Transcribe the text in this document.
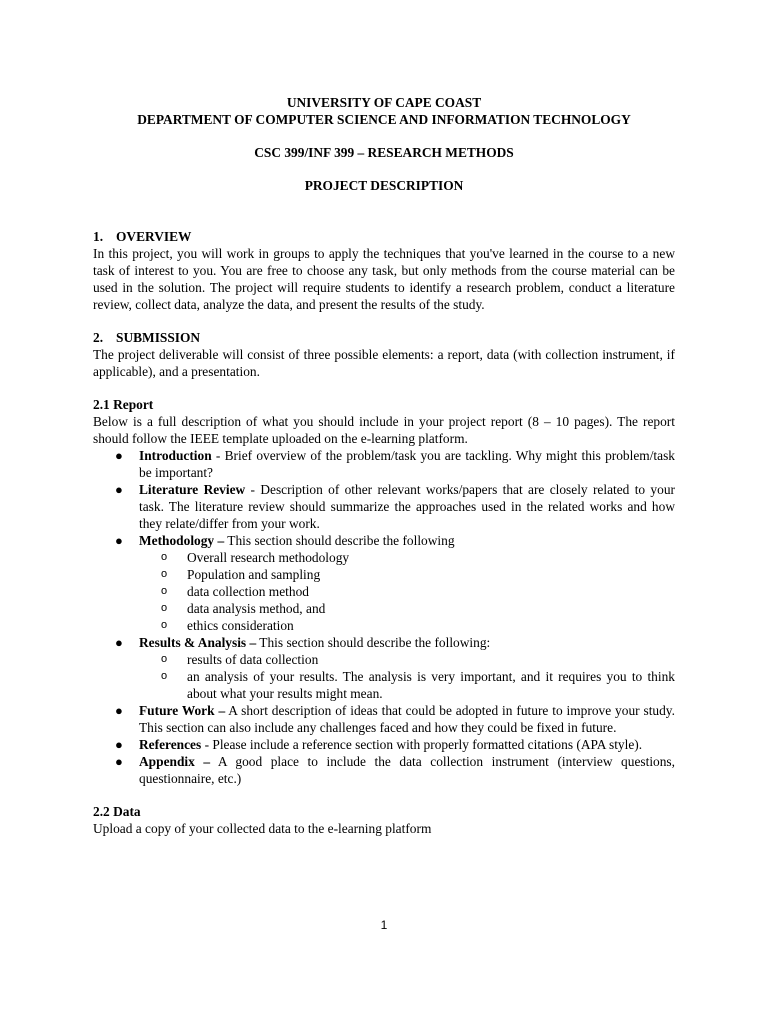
UNIVERSITY OF CAPE COAST
DEPARTMENT OF COMPUTER SCIENCE AND INFORMATION TECHNOLOGY
CSC 399/INF 399 – RESEARCH METHODS
PROJECT DESCRIPTION
1. OVERVIEW

In this project, you will work in groups to apply the techniques that you've learned in the course to a new task of interest to you. You are free to choose any task, but only methods from the course material can be used in the solution. The project will require students to identify a research problem, conduct a literature review, collect data, analyze the data, and present the results of the study.

2. SUBMISSION

The project deliverable will consist of three possible elements: a report, data (with collection instrument, if applicable), and a presentation.

2.1 Report

Below is a full description of what you should include in your project report (8 – 10 pages). The report should follow the IEEE template uploaded on the e-learning platform.

● Introduction - Brief overview of the problem/task you are tackling. Why might this problem/task be important?
● Literature Review - Description of other relevant works/papers that are closely related to your task. The literature review should summarize the approaches used in the related works and how they relate/differ from your work.
● Methodology – This section should describe the following
o Overall research methodology
o Population and sampling
o data collection method
o data analysis method, and
o ethics consideration
● Results & Analysis – This section should describe the following:
o results of data collection
o an analysis of your results. The analysis is very important, and it requires you to think about what your results might mean.
● Future Work – A short description of ideas that could be adopted in future to improve your study. This section can also include any challenges faced and how they could be fixed in future.
● References - Please include a reference section with properly formatted citations (APA style).
● Appendix – A good place to include the data collection instrument (interview questions, questionnaire, etc.)
2.2 Data

Upload a copy of your collected data to the e-learning platform

1
